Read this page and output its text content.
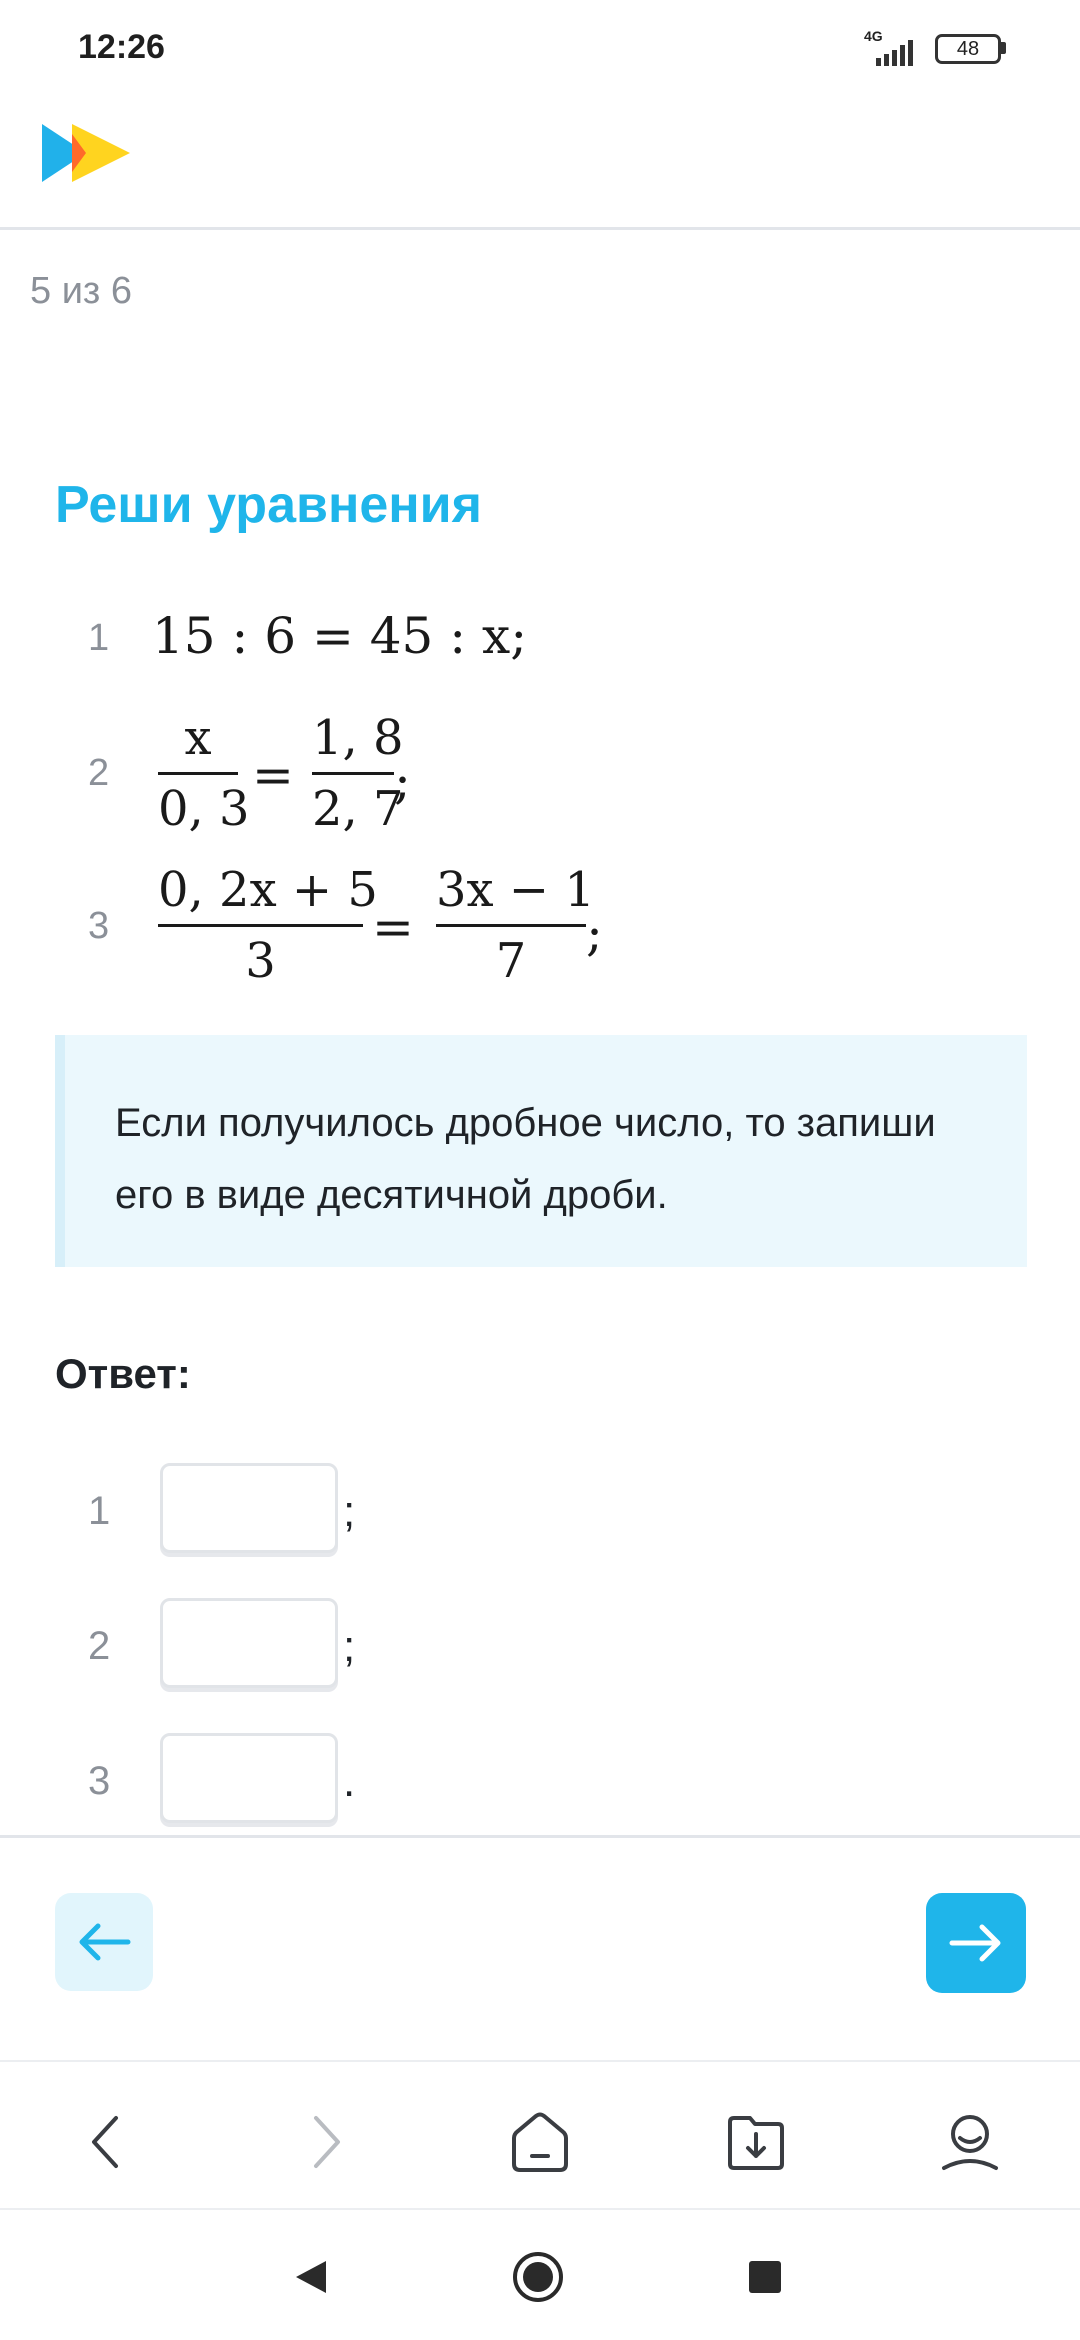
12:26	4G
48
5 из 6
Реши уравнения
1 15 : 6 = 45 : x;
2
x
0, 3
=
1, 8
2, 7
;
3
0, 2x + 5
3
=
3x − 1
7	;

Если получилось дробное число, то запиши его в виде десятичной дроби.

Ответ:
1	;
2	;
3	.
